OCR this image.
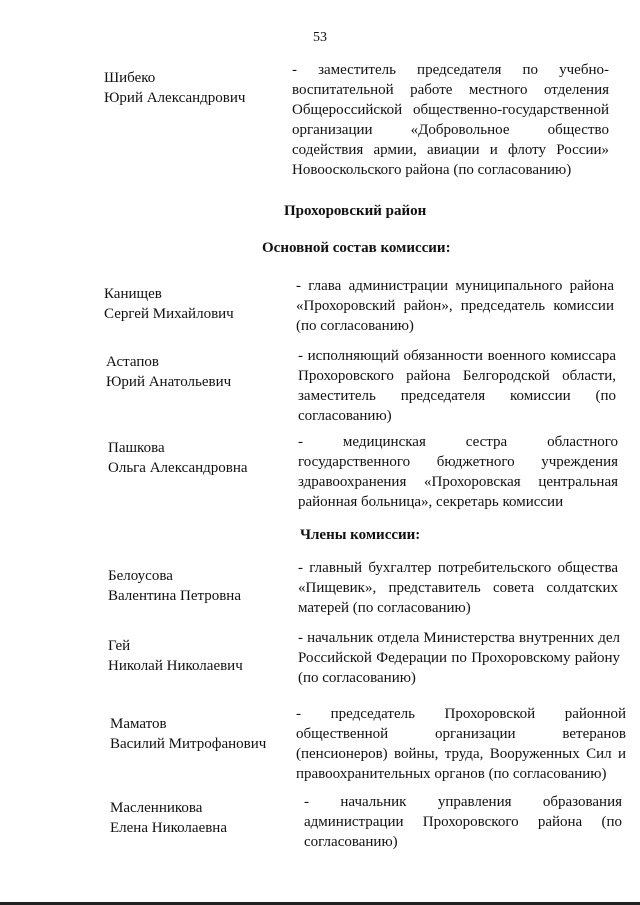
53
Шибеко
Юрий Александрович
- заместитель председателя по учебно-воспитательной работе местного отделения Общероссийской общественно-государственной организации «Добровольное общество содействия армии, авиации и флоту России» Новооскольского района (по согласованию)
Прохоровский район
Основной состав комиссии:
Канищев
Сергей Михайлович
- глава администрации муниципального района «Прохоровский район», председатель комиссии (по согласованию)
Астапов
Юрий Анатольевич
- исполняющий обязанности военного комиссара Прохоровского района Белгородской области, заместитель председателя комиссии (по согласованию)
Пашкова
Ольга Александровна
- медицинская сестра областного государственного бюджетного учреждения здравоохранения «Прохоровская центральная районная больница», секретарь комиссии
Члены комиссии:
Белоусова
Валентина Петровна
- главный бухгалтер потребительского общества «Пищевик», представитель совета солдатских матерей (по согласованию)
Гей
Николай Николаевич
- начальник отдела Министерства внутренних дел Российской Федерации по Прохоровскому району (по согласованию)
Маматов
Василий Митрофанович
- председатель Прохоровской районной общественной организации ветеранов (пенсионеров) войны, труда, Вооруженных Сил и правоохранительных органов (по согласованию)
Масленникова
Елена Николаевна
- начальник управления образования администрации Прохоровского района (по согласованию)
